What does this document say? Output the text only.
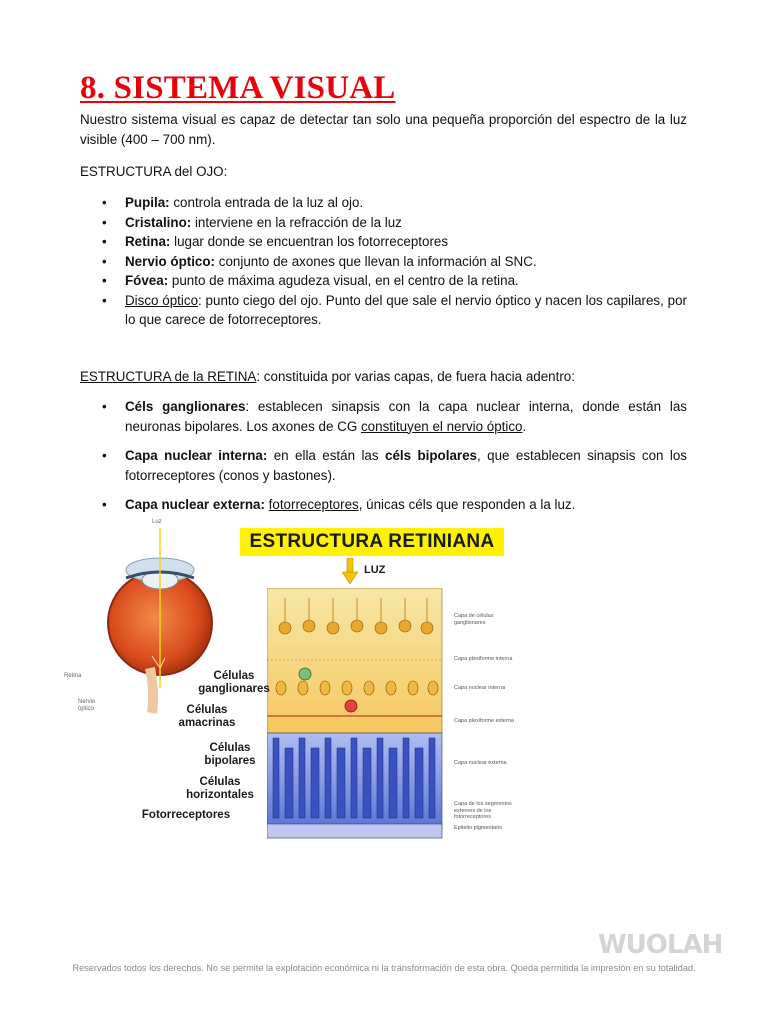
8. SISTEMA VISUAL
Nuestro sistema visual es capaz de detectar tan solo una pequeña proporción del espectro de la luz visible (400 – 700 nm).
ESTRUCTURA del OJO:
• Pupila: controla entrada de la luz al ojo.
• Cristalino: interviene en la refracción de la luz
• Retina: lugar donde se encuentran los fotorreceptores
• Nervio óptico: conjunto de axones que llevan la información al SNC.
• Fóvea: punto de máxima agudeza visual, en el centro de la retina.
• Disco óptico: punto ciego del ojo. Punto del que sale el nervio óptico y nacen los capilares, por lo que carece de fotorreceptores.
ESTRUCTURA de la RETINA: constituida por varias capas, de fuera hacia adentro:
• Céls ganglionares: establecen sinapsis con la capa nuclear interna, donde están las neuronas bipolares. Los axones de CG constituyen el nervio óptico.
• Capa nuclear interna: en ella están las céls bipolares, que establecen sinapsis con los fotorreceptores (conos y bastones).
• Capa nuclear externa: fotorreceptores, únicas céls que responden a la luz.
Luz
Retina
Nervio óptico
ESTRUCTURA RETINIANA
LUZ
Células ganglionares
Células amacrinas
Células bipolares
Células horizontales
Fotorreceptores
Capa de células ganglionares
Capa plexiforme interna
Capa nuclear interna
Capa plexiforme externa
Capa nuclear externa
Capa de los segmentos externos de los fotorreceptores
Epitelio pigmentario
WUOLAH
Reservados todos los derechos. No se permite la explotación económica ni la transformación de esta obra. Queda permitida la impresión en su totalidad.
